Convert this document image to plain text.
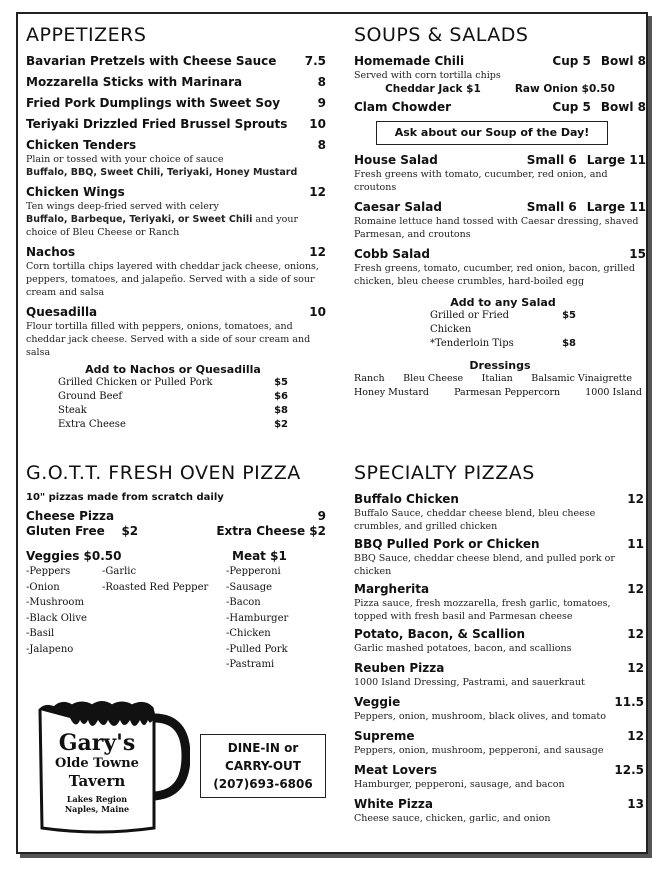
APPETIZERS
Bavarian Pretzels with Cheese Sauce 7.5
Mozzarella Sticks with Marinara	8
Fried Pork Dumplings with Sweet Soy	9
Teriyaki Drizzled Fried Brussel Sprouts 10
Chicken Tenders	8
Plain or tossed with your choice of sauce
Buffalo, BBQ, Sweet Chili, Teriyaki, Honey Mustard
Chicken Wings	12
Ten wings deep-fried served with celery
Buffalo, Barbeque, Teriyaki, or Sweet Chili and your choice of Bleu Cheese or Ranch
Nachos	12
Corn tortilla chips layered with cheddar jack cheese, onions, peppers, tomatoes, and jalapeño. Served with a side of sour cream and salsa
Quesadilla	10
Flour tortilla filled with peppers, onions, tomatoes, and cheddar jack cheese. Served with a side of sour cream and salsa
Add to Nachos or Quesadilla
Grilled Chicken or Pulled Pork	$5
Ground Beef	$6
Steak	$8
Extra Cheese	$2
SOUPS & SALADS
Homemade Chili	Cup 5 Bowl 8
Served with corn tortilla chips
Cheddar Jack $1	Raw Onion $0.50
Clam Chowder	Cup 5 Bowl 8
Ask about our Soup of the Day!
House Salad	Small 6 Large 11
Fresh greens with tomato, cucumber, red onion, and croutons
Caesar Salad	Small 6 Large 11
Romaine lettuce hand tossed with Caesar dressing, shaved Parmesan, and croutons
Cobb Salad	15
Fresh greens, tomato, cucumber, red onion, bacon, grilled chicken, bleu cheese crumbles, hard-boiled egg
Add to any Salad
Grilled or Fried Chicken
$5
*Tenderloin Tips	$8
Dressings
Ranch Bleu Cheese Italian Balsamic Vinaigrette
Honey Mustard	Parmesan Peppercorn	1000 Island
G.O.T.T. FRESH OVEN PIZZA
10" pizzas made from scratch daily
Cheese Pizza	9
Gluten Free $2	Extra Cheese $2
Veggies $0.50
-Peppers
-Onion
-Mushroom
-Black Olive
-Basil
-Jalapeno
-Garlic
-Roasted Red Pepper
Meat $1
-Pepperoni
-Sausage
-Bacon
-Hamburger
-Chicken
-Pulled Pork
-Pastrami
Gary's
Olde Towne
Tavern
Lakes Region
Naples, Maine
DINE-IN or
CARRY-OUT
(207)693-6806
SPECIALTY PIZZAS
Buffalo Chicken	12
Buffalo Sauce, cheddar cheese blend, bleu cheese crumbles, and grilled chicken
BBQ Pulled Pork or Chicken	11
BBQ Sauce, cheddar cheese blend, and pulled pork or chicken
Margherita	12
Pizza sauce, fresh mozzarella, fresh garlic, tomatoes, topped with fresh basil and Parmesan cheese
Potato, Bacon, & Scallion	12
Garlic mashed potatoes, bacon, and scallions
Reuben Pizza	12
1000 Island Dressing, Pastrami, and sauerkraut
Veggie	11.5
Peppers, onion, mushroom, black olives, and tomato
Supreme	12
Peppers, onion, mushroom, pepperoni, and sausage
Meat Lovers	12.5
Hamburger, pepperoni, sausage, and bacon
White Pizza	13
Cheese sauce, chicken, garlic, and onion
